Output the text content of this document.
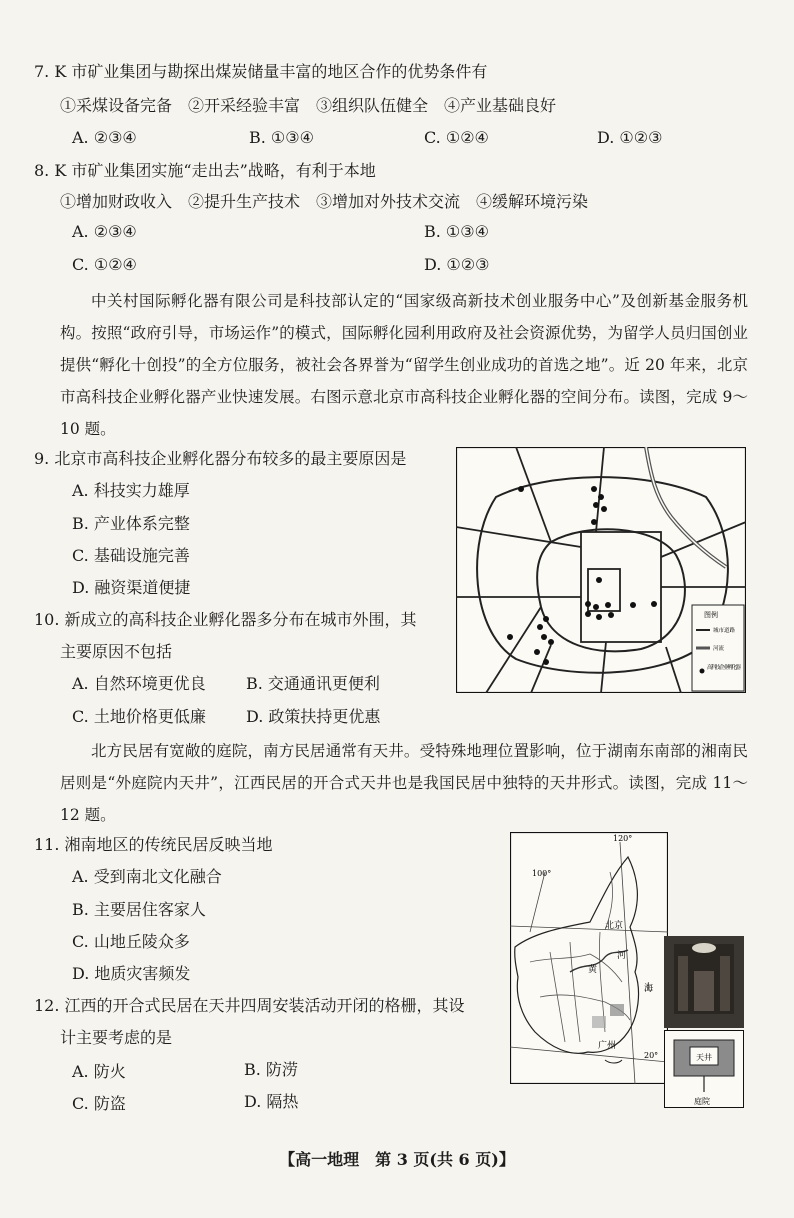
7. K 市矿业集团与勘探出煤炭储量丰富的地区合作的优势条件有
①采煤设备完备　②开采经验丰富　③组织队伍健全　④产业基础良好
A. ②③④	B. ①③④	C. ①②④	D. ①②③
8. K 市矿业集团实施“走出去”战略，有利于本地
①增加财政收入　②提升生产技术　③增加对外技术交流　④缓解环境污染
A. ②③④	B. ①③④
C. ①②④	D. ①②③

中关村国际孵化器有限公司是科技部认定的“国家级高新技术创业服务中心”及创新基金服务机构。按照“政府引导，市场运作”的模式，国际孵化园利用政府及社会资源优势，为留学人员归国创业提供“孵化十创投”的全方位服务，被社会各界誉为“留学生创业成功的首选之地”。近 20 年来，北京市高科技企业孵化器产业快速发展。右图示意北京市高科技企业孵化器的空间分布。读图，完成 9～10 题。

9. 北京市高科技企业孵化器分布较多的最主要原因是
A. 科技实力雄厚
B. 产业体系完整
C. 基础设施完善
D. 融资渠道便捷
10. 新成立的高科技企业孵化器多分布在城市外围，其
主要原因不包括
A. 自然环境更优良	B. 交通通讯更便利
C. 土地价格更低廉	D. 政策扶持更优惠
图例
城市道路
河流
高科技企业孵化器

北方民居有宽敞的庭院，南方民居通常有天井。受特殊地理位置影响，位于湖南东南部的湘南民居则是“外庭院内天井”，江西民居的开合式天井也是我国民居中独特的天井形式。读图，完成 11～12 题。

11. 湘南地区的传统民居反映当地
A. 受到南北文化融合
B. 主要居住客家人
C. 山地丘陵众多
D. 地质灾害频发
12. 江西的开合式民居在天井四周安装活动开闭的格栅，其设
计主要考虑的是
A. 防火	B. 防涝
C. 防盗	D. 隔热
120°
100°
20°
北京
黄
河
上海
广州
天井
庭院
【高一地理　第 3 页(共 6 页)】
